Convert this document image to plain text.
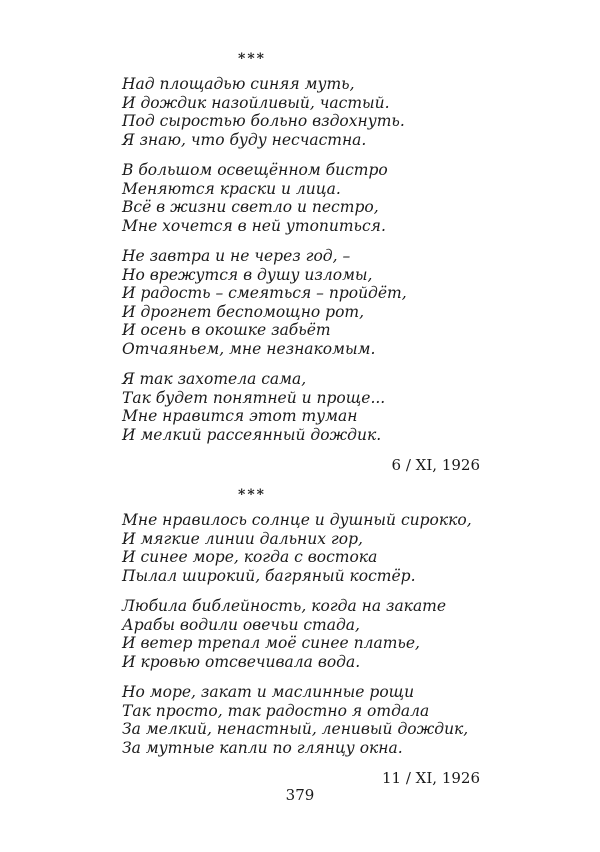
***
Над площадью синяя муть,
И дождик назойливый, частый.
Под сыростью больно вздохнуть.
Я знаю, что буду несчастна.
В большом освещённом бистро
Меняются краски и лица.
Всё в жизни светло и пестро,
Мне хочется в ней утопиться.
Не завтра и не через год, –
Но врежутся в душу изломы,
И радость – смеяться – пройдёт,
И дрогнет беспомощно рот,
И осень в окошке забьёт
Отчаяньем, мне незнакомым.
Я так захотела сама,
Так будет понятней и проще...
Мне нравится этот туман
И мелкий рассеянный дождик.
6 / XI, 1926
***
Мне нравилось солнце и душный сирокко,
И мягкие линии дальних гор,
И синее море, когда с востока
Пылал широкий, багряный костёр.
Любила библейность, когда на закате
Арабы водили овечьи стада,
И ветер трепал моё синее платье,
И кровью отсвечивала вода.
Но море, закат и маслинные рощи
Так просто, так радостно я отдала
За мелкий, ненастный, ленивый дождик,
За мутные капли по глянцу окна.
11 / XI, 1926
379
